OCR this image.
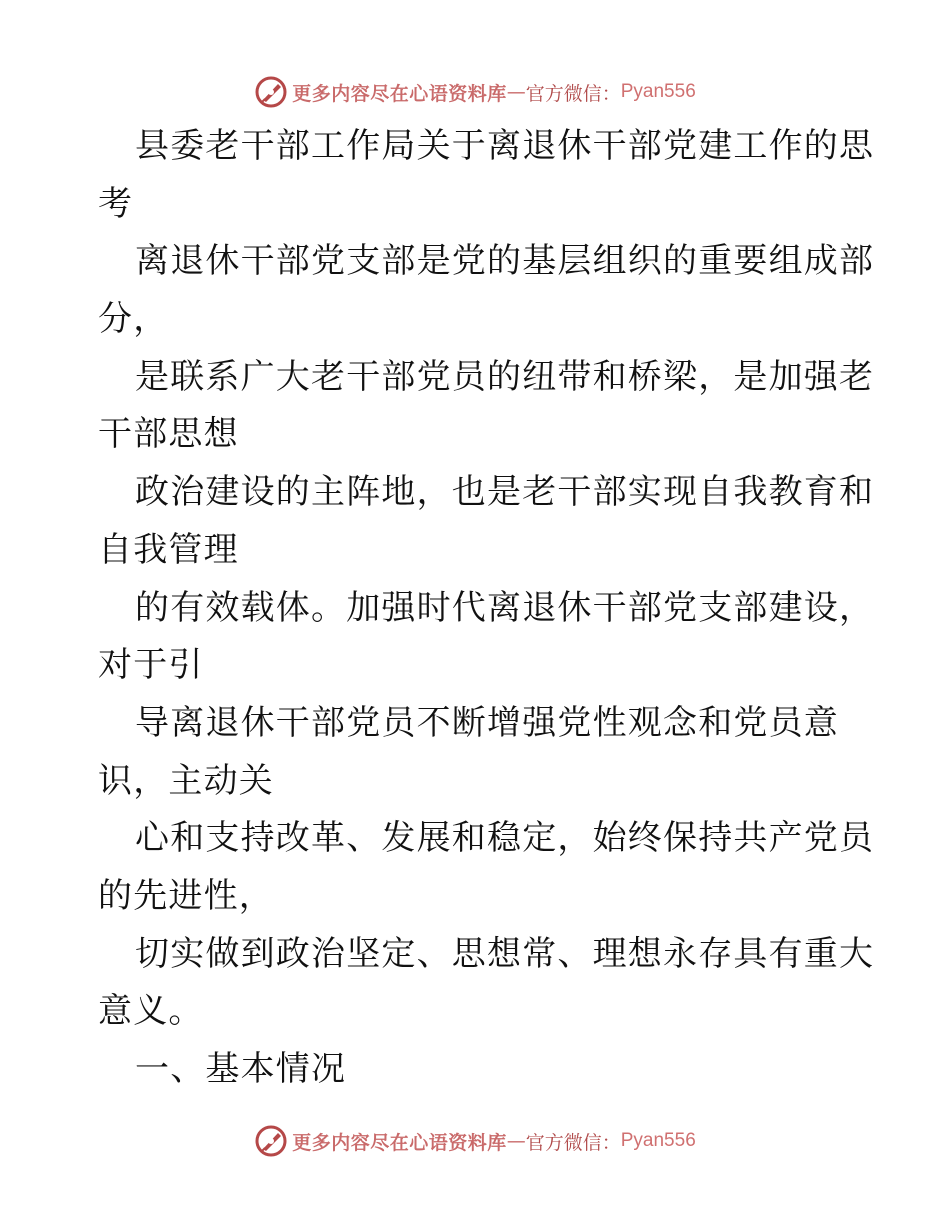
更多内容尽在心语资料库 — 官方微信： Pyan556
县委老干部工作局关于离退休干部党建工作的思
考
离退休干部党支部是党的基层组织的重要组成部
分，
是联系广大老干部党员的纽带和桥梁，是加强老
干部思想
政治建设的主阵地，也是老干部实现自我教育和
自我管理
的有效载体。加强时代离退休干部党支部建设，
对于引
导离退休干部党员不断增强党性观念和党员意
识，主动关
心和支持改革、发展和稳定，始终保持共产党员
的先进性，
切实做到政治坚定、思想常、理想永存具有重大
意义。
一、基本情况
更多内容尽在心语资料库 — 官方微信： Pyan556
